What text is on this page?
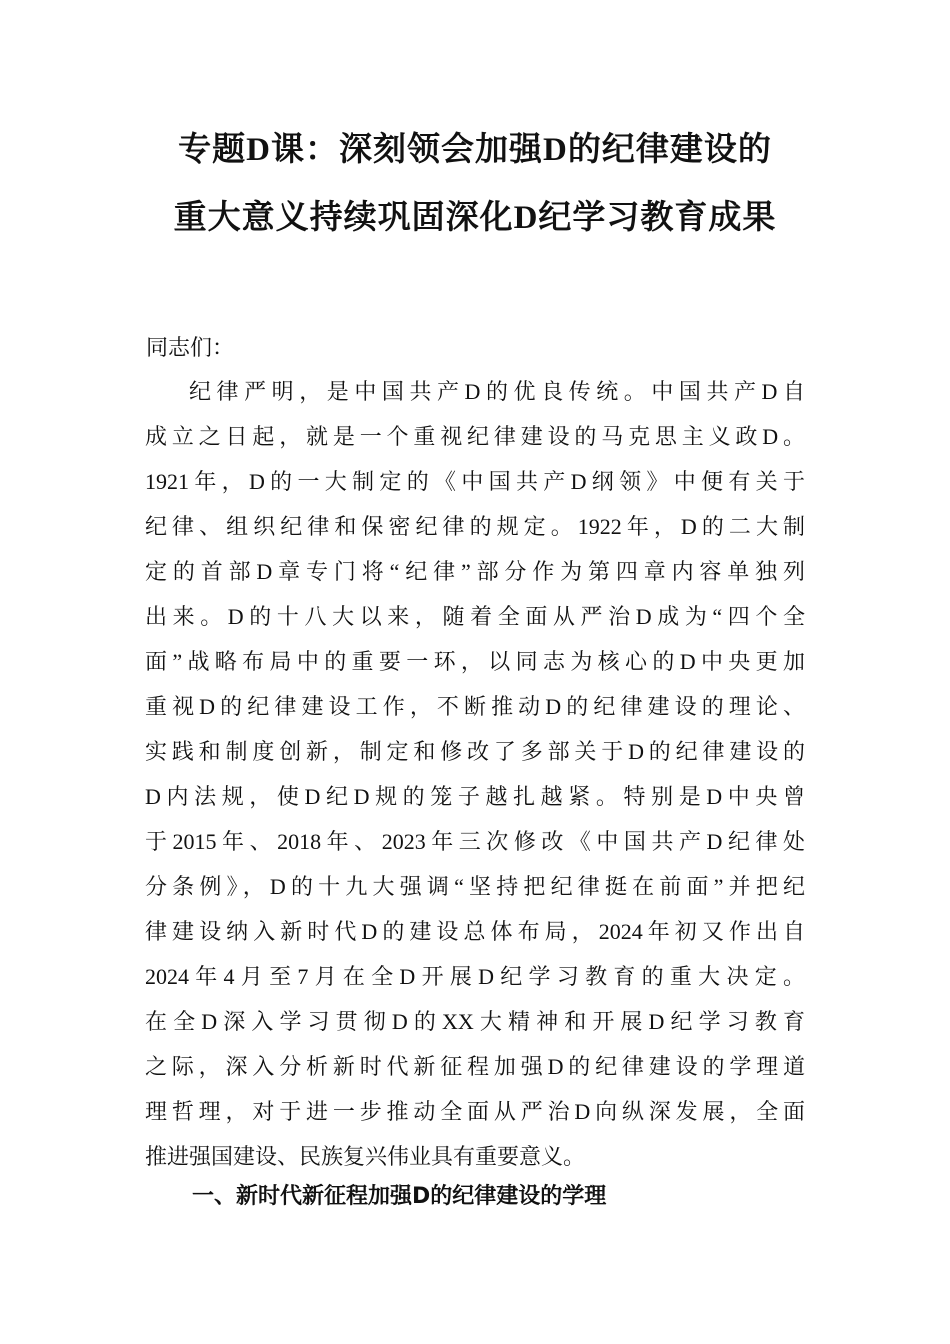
专题D课：深刻领会加强D的纪律建设的
重大意义持续巩固深化D纪学习教育成果
同志们：
纪律严明，是中国共产D的优良传统。中国共产D自
成立之日起，就是一个重视纪律建设的马克思主义政D。
1921年，D的一大制定的《中国共产D纲领》中便有关于
纪律、组织纪律和保密纪律的规定。1922年，D的二大制
定的首部D章专门将“纪律”部分作为第四章内容单独列
出来。D的十八大以来，随着全面从严治D成为“四个全
面”战略布局中的重要一环，以同志为核心的D中央更加
重视D的纪律建设工作，不断推动D的纪律建设的理论、
实践和制度创新，制定和修改了多部关于D的纪律建设的
D内法规，使D纪D规的笼子越扎越紧。特别是D中央曾
于2015年、2018年、2023年三次修改《中国共产D纪律处
分条例》，D的十九大强调“坚持把纪律挺在前面”并把纪
律建设纳入新时代D的建设总体布局，2024年初又作出自
2024年4月至7月在全D开展D纪学习教育的重大决定。
在全D深入学习贯彻D的XX大精神和开展D纪学习教育
之际，深入分析新时代新征程加强D的纪律建设的学理道
理哲理，对于进一步推动全面从严治D向纵深发展，全面
推进强国建设、民族复兴伟业具有重要意义。
一、新时代新征程加强D的纪律建设的学理
